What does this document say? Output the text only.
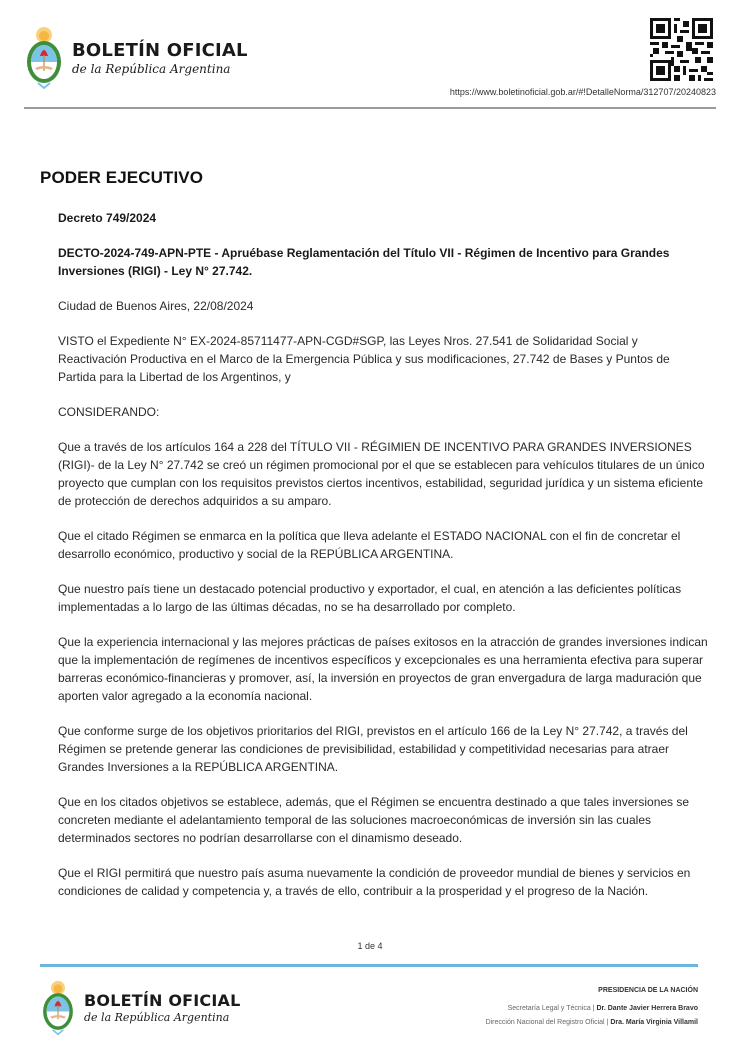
BOLETÍN OFICIAL
de la República Argentina
https://www.boletinoficial.gob.ar/#!DetalleNorma/312707/20240823
PODER EJECUTIVO

Decreto 749/2024

DECTO-2024-749-APN-PTE - Apruébase Reglamentación del Título VII - Régimen de Incentivo para Grandes Inversiones (RIGI) - Ley N° 27.742.

Ciudad de Buenos Aires, 22/08/2024

VISTO el Expediente N° EX-2024-85711477-APN-CGD#SGP, las Leyes Nros. 27.541 de Solidaridad Social y Reactivación Productiva en el Marco de la Emergencia Pública y sus modificaciones, 27.742 de Bases y Puntos de Partida para la Libertad de los Argentinos, y

CONSIDERANDO:

Que a través de los artículos 164 a 228 del TÍTULO VII - RÉGIMIEN DE INCENTIVO PARA GRANDES INVERSIONES (RIGI)- de la Ley N° 27.742 se creó un régimen promocional por el que se establecen para vehículos titulares de un único proyecto que cumplan con los requisitos previstos ciertos incentivos, estabilidad, seguridad jurídica y un sistema eficiente de protección de derechos adquiridos a su amparo.

Que el citado Régimen se enmarca en la política que lleva adelante el ESTADO NACIONAL con el fin de concretar el desarrollo económico, productivo y social de la REPÚBLICA ARGENTINA.

Que nuestro país tiene un destacado potencial productivo y exportador, el cual, en atención a las deficientes políticas implementadas a lo largo de las últimas décadas, no se ha desarrollado por completo.

Que la experiencia internacional y las mejores prácticas de países exitosos en la atracción de grandes inversiones indican que la implementación de regímenes de incentivos específicos y excepcionales es una herramienta efectiva para superar barreras económico-financieras y promover, así, la inversión en proyectos de gran envergadura de larga maduración que aporten valor agregado a la economía nacional.

Que conforme surge de los objetivos prioritarios del RIGI, previstos en el artículo 166 de la Ley N° 27.742, a través del Régimen se pretende generar las condiciones de previsibilidad, estabilidad y competitividad necesarias para atraer Grandes Inversiones a la REPÚBLICA ARGENTINA.

Que en los citados objetivos se establece, además, que el Régimen se encuentra destinado a que tales inversiones se concreten mediante el adelantamiento temporal de las soluciones macroeconómicas de inversión sin las cuales determinados sectores no podrían desarrollarse con el dinamismo deseado.

Que el RIGI permitirá que nuestro país asuma nuevamente la condición de proveedor mundial de bienes y servicios en condiciones de calidad y competencia y, a través de ello, contribuir a la prosperidad y el progreso de la Nación.

1 de 4
BOLETÍN OFICIAL
de la República Argentina
PRESIDENCIA DE LA NACIÓN
Secretaría Legal y Técnica | Dr. Dante Javier Herrera Bravo
Dirección Nacional del Registro Oficial | Dra. María Virginia Villamil
